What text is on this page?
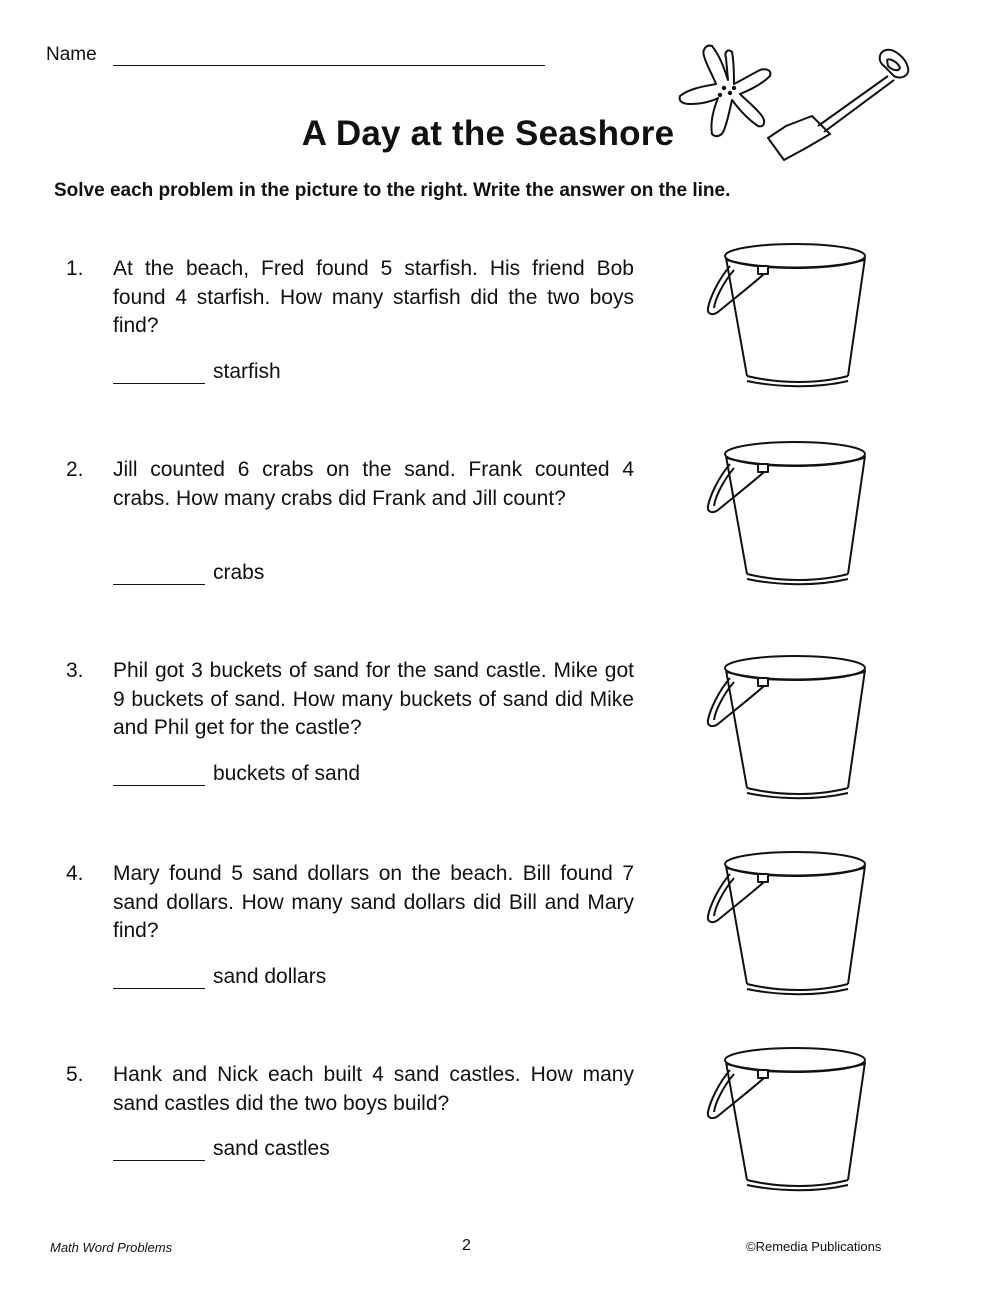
Name
A Day at the Seashore
Solve each problem in the picture to the right. Write the answer on the line.
1. At the beach, Fred found 5 starfish. His friend Bob found 4 starfish. How many starfish did the two boys find?
starfish
2. Jill counted 6 crabs on the sand. Frank counted 4 crabs. How many crabs did Frank and Jill count?
crabs
3. Phil got 3 buckets of sand for the sand castle. Mike got 9 buckets of sand. How many buckets of sand did Mike and Phil get for the castle?
buckets of sand
4. Mary found 5 sand dollars on the beach. Bill found 7 sand dollars. How many sand dollars did Bill and Mary find?
sand dollars
5. Hank and Nick each built 4 sand castles. How many sand castles did the two boys build?
sand castles
Math Word Problems	2	©Remedia Publications
